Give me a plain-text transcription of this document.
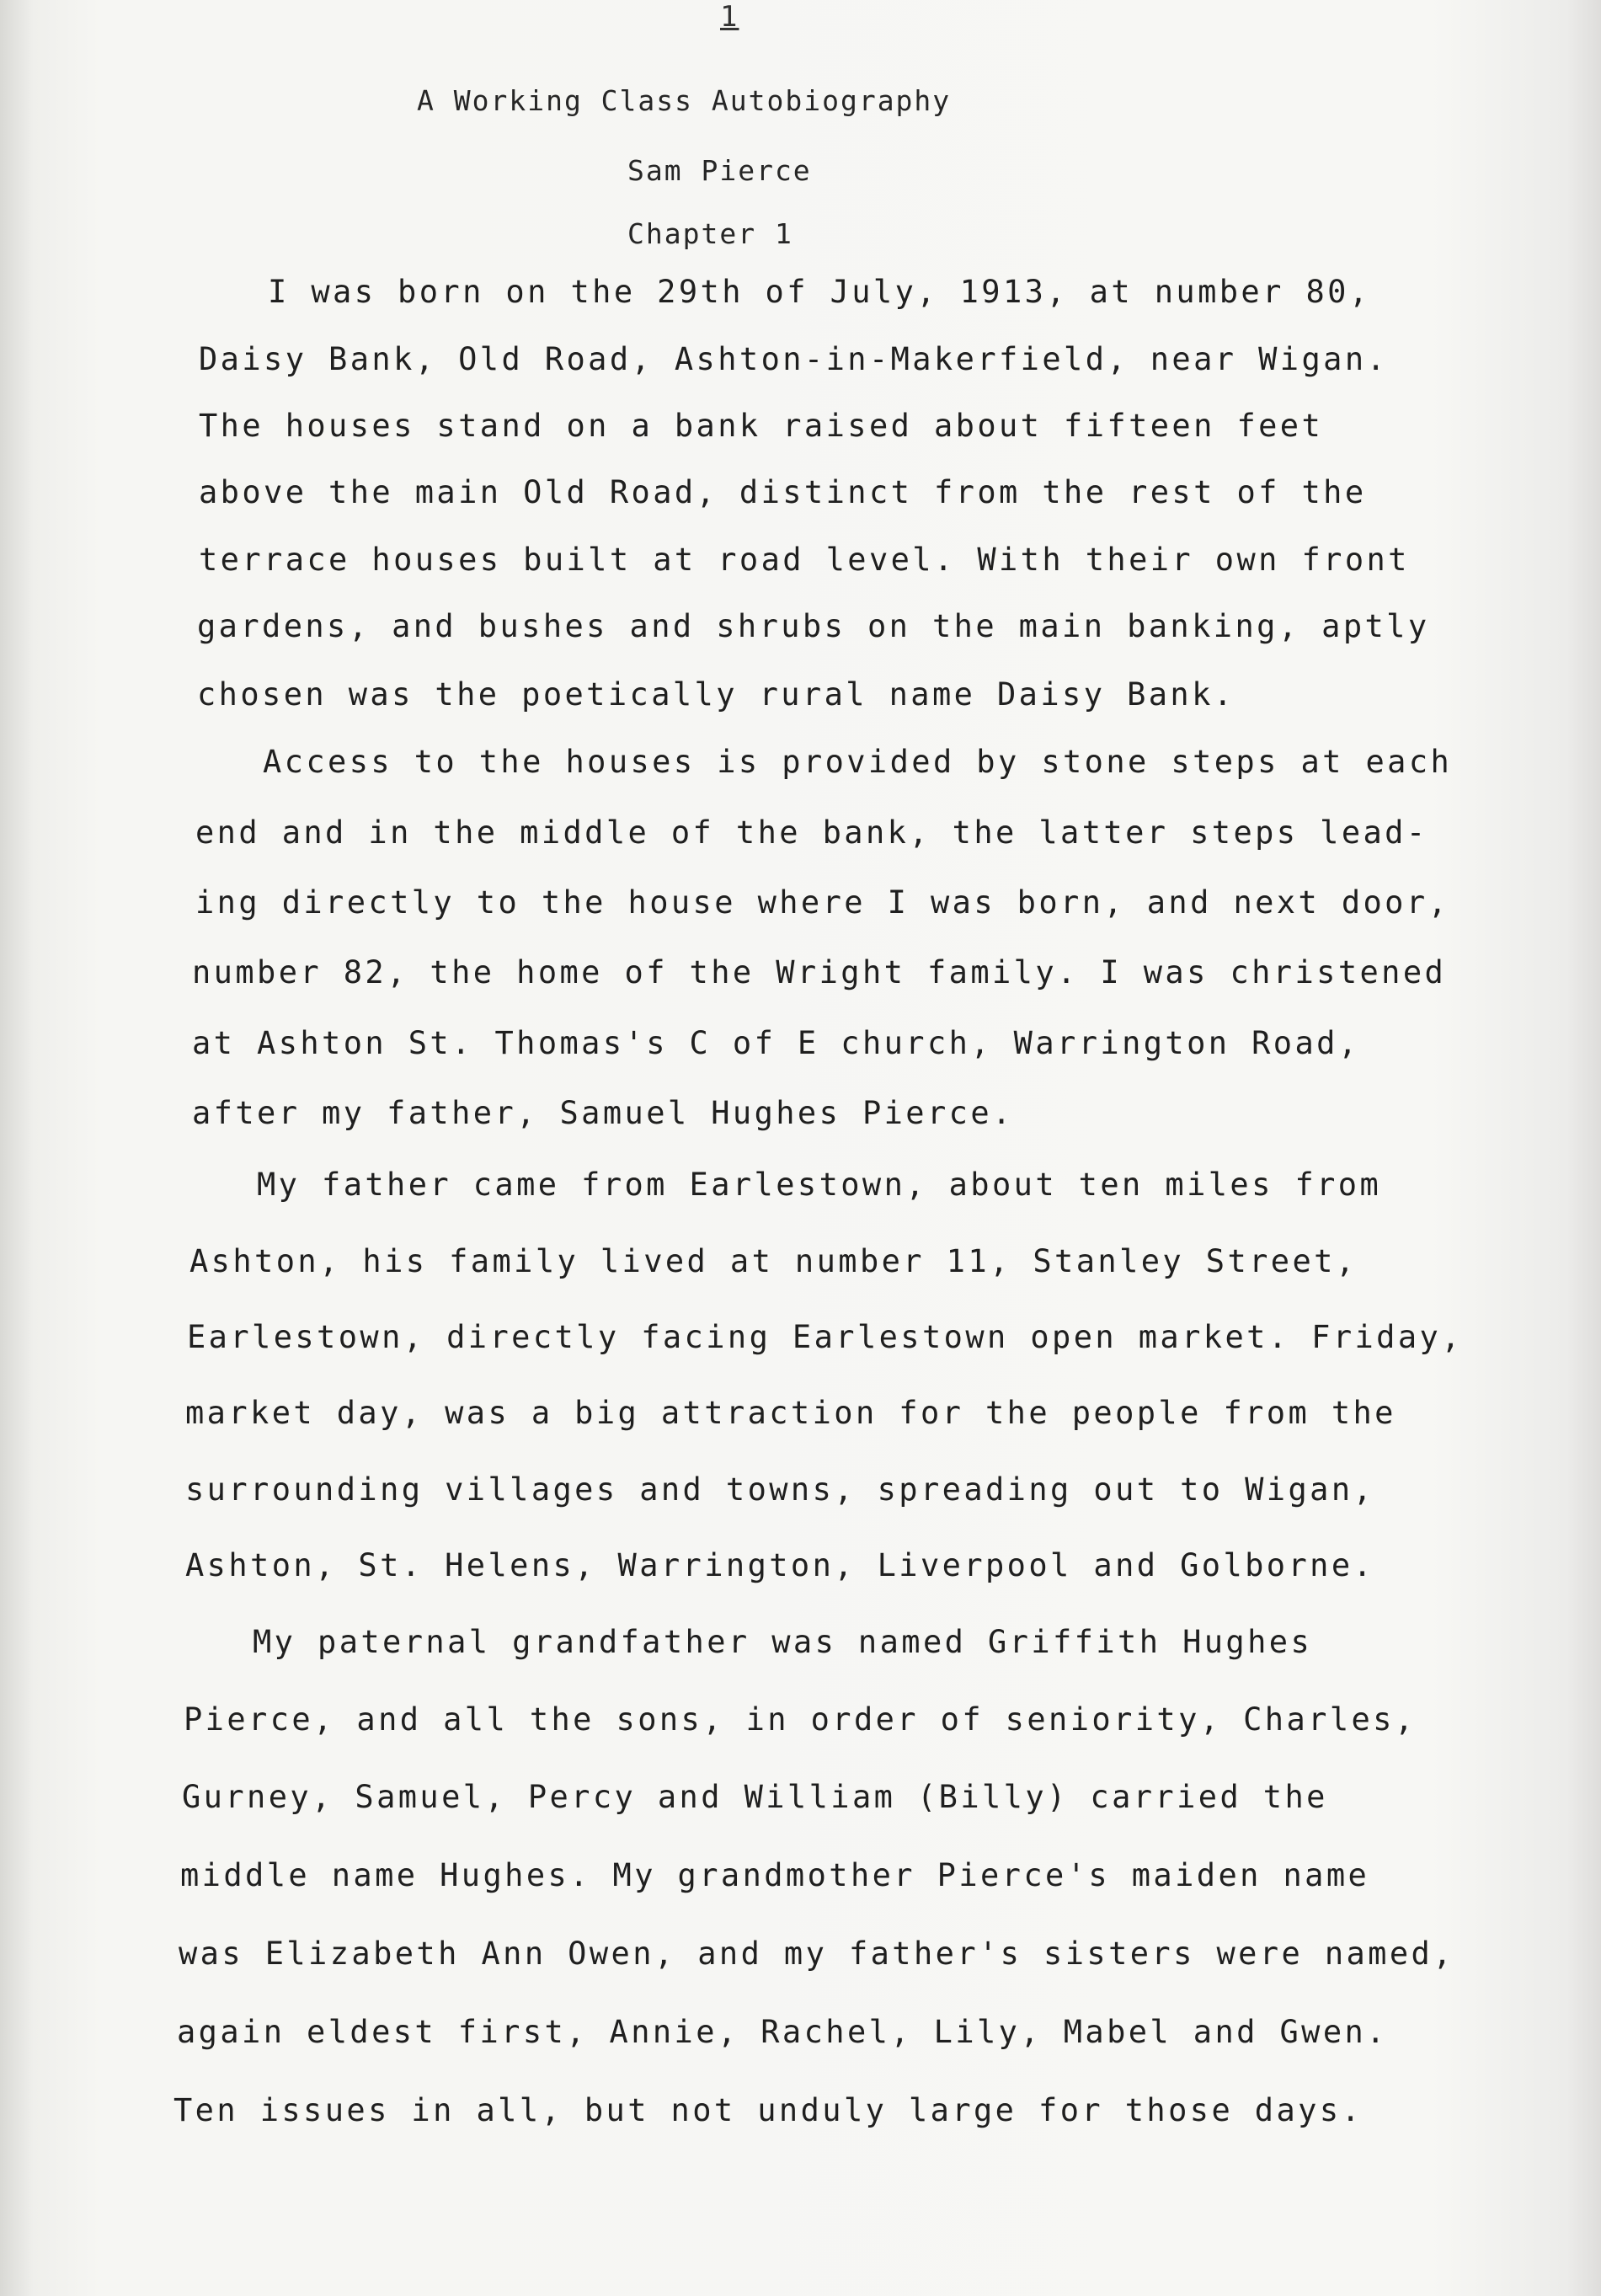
1
A Working Class Autobiography
Sam Pierce
Chapter 1
I was born on the 29th of July, 1913, at number 80,
Daisy Bank, Old Road, Ashton-in-Makerfield, near Wigan.
The houses stand on a bank raised about fifteen feet
above the main Old Road, distinct from the rest of the
terrace houses built at road level. With their own front
gardens, and bushes and shrubs on the main banking, aptly
chosen was the poetically rural name Daisy Bank.
Access to the houses is provided by stone steps at each
end and in the middle of the bank, the latter steps lead-
ing directly to the house where I was born, and next door,
number 82, the home of the Wright family. I was christened
at Ashton St. Thomas's C of E church, Warrington Road,
after my father, Samuel Hughes Pierce.
My father came from Earlestown, about ten miles from
Ashton, his family lived at number 11, Stanley Street,
Earlestown, directly facing Earlestown open market. Friday,
market day, was a big attraction for the people from the
surrounding villages and towns, spreading out to Wigan,
Ashton, St. Helens, Warrington, Liverpool and Golborne.
My paternal grandfather was named Griffith Hughes
Pierce, and all the sons, in order of seniority, Charles,
Gurney, Samuel, Percy and William (Billy) carried the
middle name Hughes. My grandmother Pierce's maiden name
was Elizabeth Ann Owen, and my father's sisters were named,
again eldest first, Annie, Rachel, Lily, Mabel and Gwen.
Ten issues in all, but not unduly large for those days.
